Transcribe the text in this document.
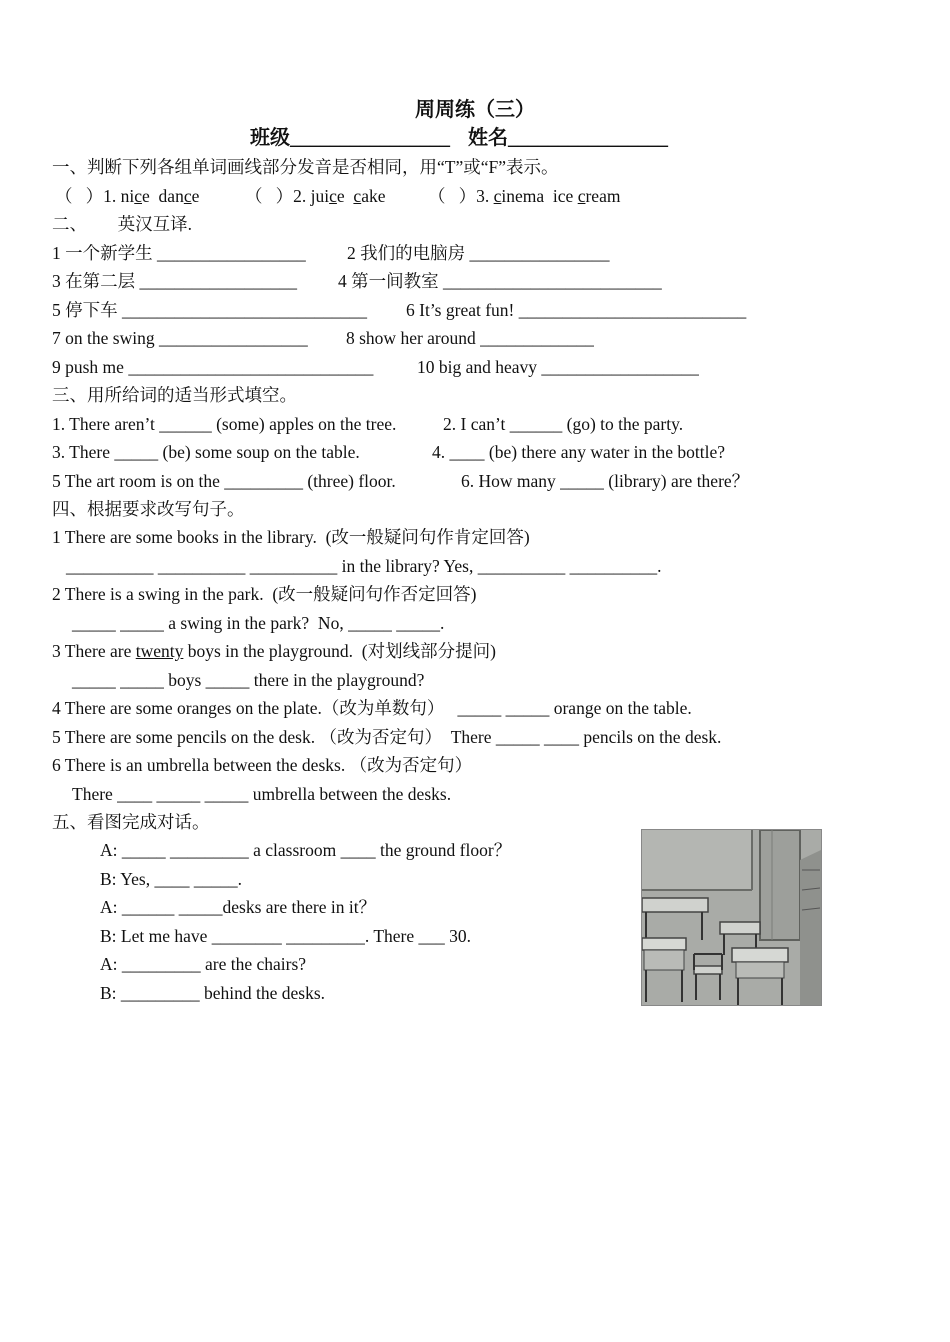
周周练（三）
班级________________ 姓名________________
一、判断下列各组单词画线部分发音是否相同，用“T”或“F”表示。
（   ）1. nice  dance	（   ）2. juice  cake （   ）3. cinema  ice cream
二、       英汉互译.
1 一个新学生 _________________ 2 我们的电脑房 ________________
3 在第二层 __________________ 4 第一间教室 _________________________
5 停下车 ____________________________ 6 It’s great fun! __________________________
7 on the swing _________________ 8 show her around _____________
9 push me ____________________________ 10 big and heavy __________________
三、用所给词的适当形式填空。
1. There aren’t ______ (some) apples on the tree.	2. I can’t ______ (go) to the party.
3. There _____ (be) some soup on the table.	4. ____ (be) there any water in the bottle?
5 The art room is on the _________ (three) floor.	6. How many _____ (library) are there？
四、根据要求改写句子。
1 There are some books in the library.  (改一般疑问句作肯定回答)
__________ __________ __________ in the library? Yes, __________ __________.
2 There is a swing in the park.  (改一般疑问句作否定回答)
_____ _____ a swing in the park?  No, _____ _____.
3 There are twenty boys in the playground.  (对划线部分提问)
_____ _____ boys _____ there in the playground?
4 There are some oranges on the plate.（改为单数句）   _____ _____ orange on the table.
5 There are some pencils on the desk. （改为否定句）  There _____ ____ pencils on the desk.
6 There is an umbrella between the desks. （改为否定句）
There ____ _____ _____ umbrella between the desks.
五、看图完成对话。
A: _____ _________ a classroom ____ the ground floor？
B: Yes, ____ _____.
A: ______ _____desks are there in it？
B: Let me have ________ _________. There ___ 30.
A: _________ are the chairs?
B: _________ behind the desks.
